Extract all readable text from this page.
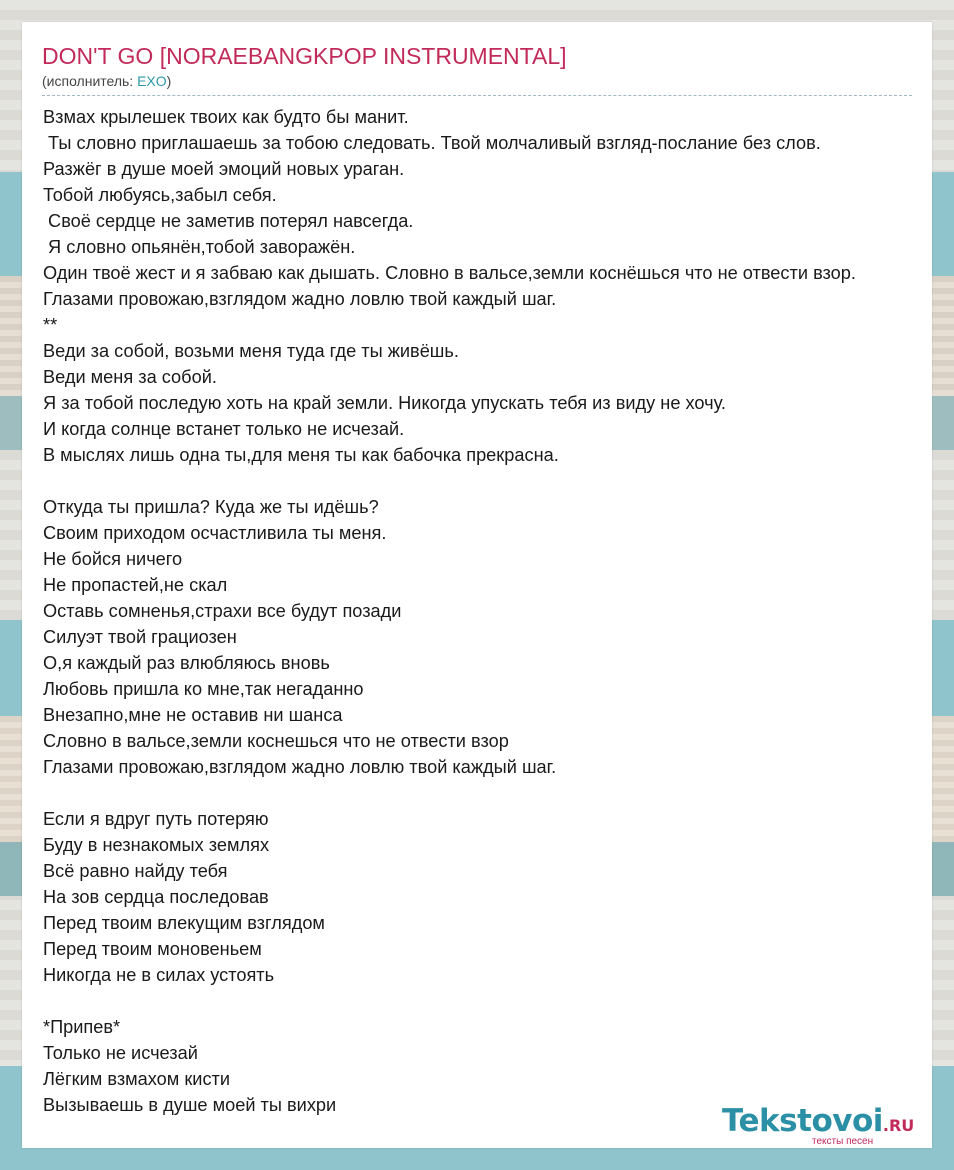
DON'T GO [NORAEBANGKPOP INSTRUMENTAL]
(исполнитель: EXO)
Взмах крылешек твоих как будто бы манит.
Ты словно приглашаешь за тобою следовать. Твой молчаливый взгляд-послание без слов.
Разжёг в душе моей эмоций новых ураган.
Тобой любуясь,забыл себя.
Своё сердце не заметив потерял навсегда.
Я словно опьянён,тобой заворажён.
Один твоё жест и я забваю как дышать. Словно в вальсе,земли коснёшься что не отвести взор.
Глазами провожаю,взглядом жадно ловлю твой каждый шаг.
**
Веди за собой, возьми меня туда где ты живёшь.
Веди меня за собой.
Я за тобой последую хоть на край земли. Никогда упускать тебя из виду не хочу.
И когда солнце встанет только не исчезай.
В мыслях лишь одна ты,для меня ты как бабочка прекрасна.
Откуда ты пришла? Куда же ты идёшь?
Своим приходом осчастливила ты меня.
Не бойся ничего
Не пропастей,не скал
Оставь сомненья,страхи все будут позади
Силуэт твой грациозен
О,я каждый раз влюбляюсь вновь
Любовь пришла ко мне,так негаданно
Внезапно,мне не оставив ни шанса
Словно в вальсе,земли коснешься что не отвести взор
Глазами провожаю,взглядом жадно ловлю твой каждый шаг.
Если я вдруг путь потеряю
Буду в незнакомых землях
Всё равно найду тебя
На зов сердца последовав
Перед твоим влекущим взглядом
Перед твоим моновеньем
Никогда не в силах устоять
*Припев*
Только не исчезай
Лёгким взмахом кисти
Вызываешь в душе моей ты вихри	Tekstovoi.RU
тексты песен
